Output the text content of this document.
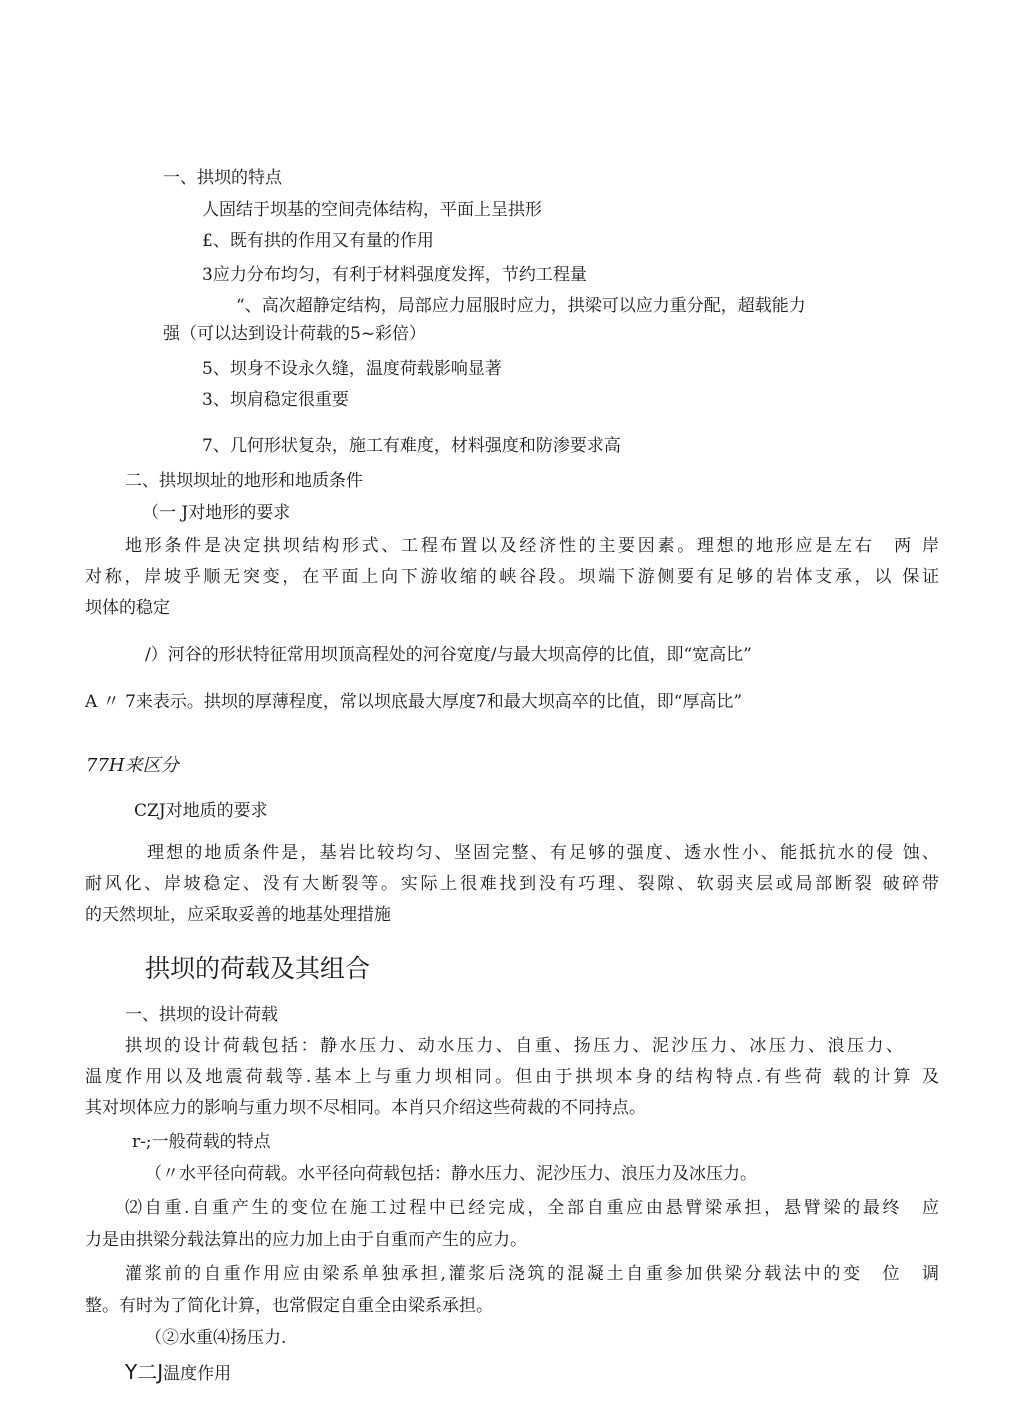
一、拱坝的特点
人固结于坝基的空间壳体结构，平面上呈拱形
£、既有拱的作用又有量的作用
3应力分布均匀，有利于材料强度发挥，节约工程量
“、高次超静定结构，局部应力屈服时应力，拱梁可以应力重分配，超载能力
强（可以达到设计荷载的5~彩倍）
5、坝身不设永久缝，温度荷载影响显著
3、坝肩稳定很重要
7、几何形状复杂，施工有难度，材料强度和防渗要求高
二、拱坝坝址的地形和地质条件
（一 J对地形的要求
地形条件是决定拱坝结构形式、工程布置以及经济性的主要因素。理想的地形应是左右　两 岸
对称，岸坡乎顺无突变，在平面上向下游收缩的峡谷段。坝端下游侧要有足够的岩体支承，以 保证
坝体的稳定
/）河谷的形状特征常用坝顶高程处的河谷宽度/与最大坝高停的比值，即“宽高比”
A 〃 7来表示。拱坝的厚薄程度，常以坝底最大厚度7和最大坝高卒的比值，即“厚高比”
77H来区分
CZJ对地质的要求
理想的地质条件是，基岩比较均匀、坚固完整、有足够的强度、透水性小、能抵抗水的侵 蚀、
耐风化、岸坡稳定、没有大断裂等。实际上很难找到没有巧理、裂隙、软弱夹层或局部断裂 破碎带
的天然坝址，应采取妥善的地基处理措施
拱坝的荷载及其组合
一、拱坝的设计荷载
拱坝的设计荷载包括：静水压力、动水压力、自重、扬压力、泥沙压力、冰压力、浪压力、
温度作用以及地震荷载等.基本上与重力坝相同。但由于拱坝本身的结构特点.有些荷 载的计算 及
其对坝体应力的影响与重力坝不尽相同。本肖只介绍这些荷裁的不同持点。
r-;一般荷载的特点
（〃水平径向荷载。水平径向荷载包括：静水压力、泥沙压力、浪压力及冰压力。
⑵自重.自重产生的变位在施工过程中已经完成，全部自重应由悬臂梁承担，悬臂梁的最终　应
力是由拱梁分载法算出的应力加上由于自重而产生的应力。
灌浆前的自重作用应由梁系单独承担,灌浆后浇筑的混凝土自重参加供梁分载法中的变　位　调
整。有时为了简化计算，也常假定自重全由梁系承担。
（②水重⑷扬压力.
Y二J温度作用
